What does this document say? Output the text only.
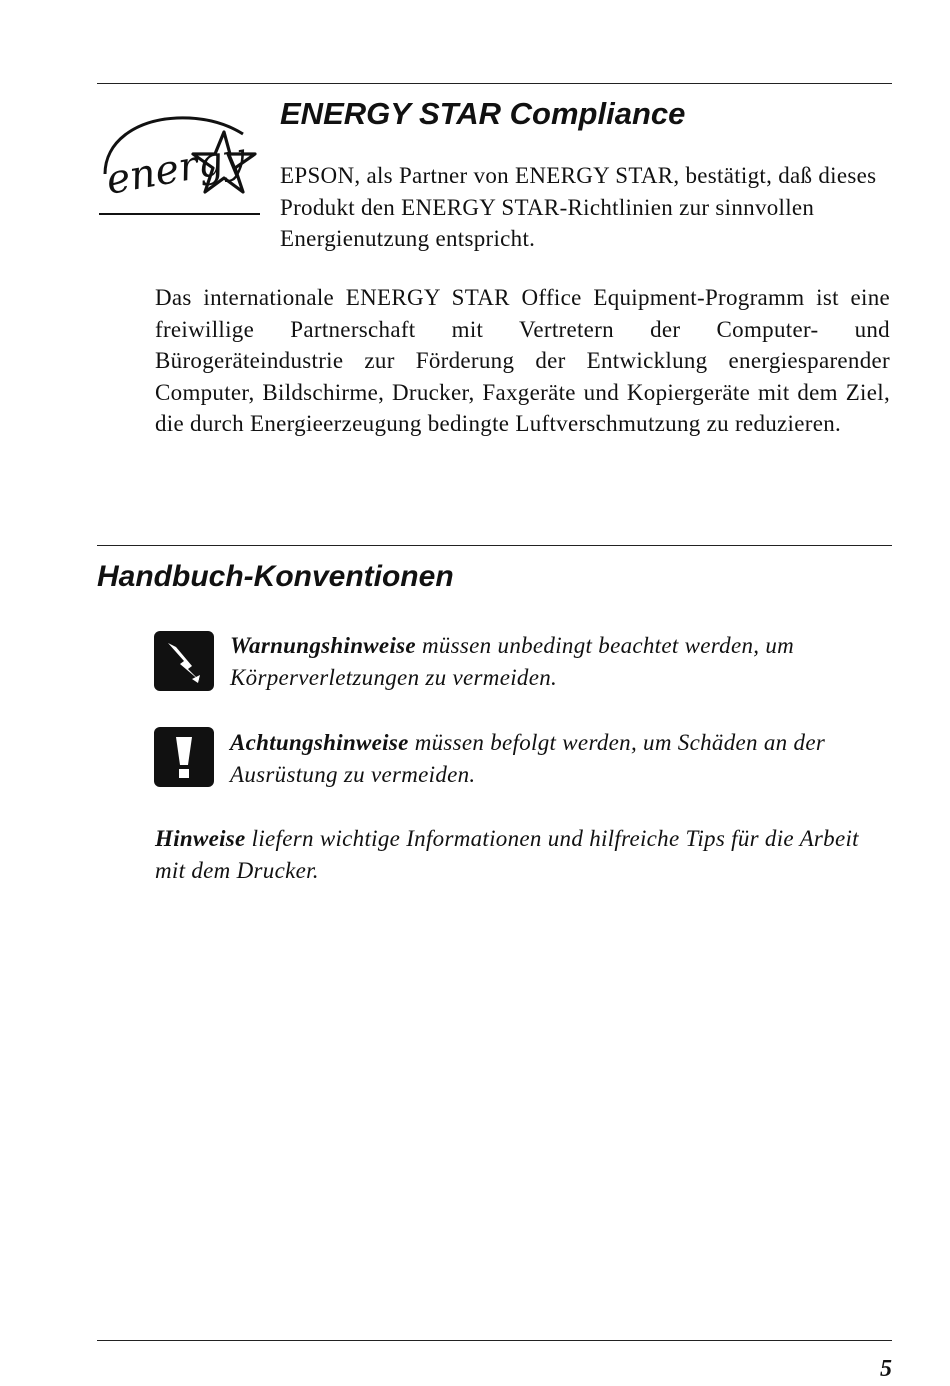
energy
ENERGY STAR Compliance

EPSON, als Partner von ENERGY STAR, bestätigt, daß dieses Produkt den ENERGY STAR-Richtlinien zur sinnvollen Energienutzung entspricht.

Das internationale ENERGY STAR Office Equipment-Programm ist eine freiwillige Partnerschaft mit Vertretern der Computer- und Bürogeräteindustrie zur Förderung der Entwicklung energiesparender Computer, Bildschirme, Drucker, Faxgeräte und Kopiergeräte mit dem Ziel, die durch Energieerzeugung bedingte Luftverschmutzung zu reduzieren.

Handbuch-Konventionen

Warnungshinweise müssen unbedingt beachtet werden, um Körperverletzungen zu vermeiden.

Achtungshinweise müssen befolgt werden, um Schäden an der Ausrüstung zu vermeiden.

Hinweise liefern wichtige Informationen und hilfreiche Tips für die Arbeit mit dem Drucker.

5
